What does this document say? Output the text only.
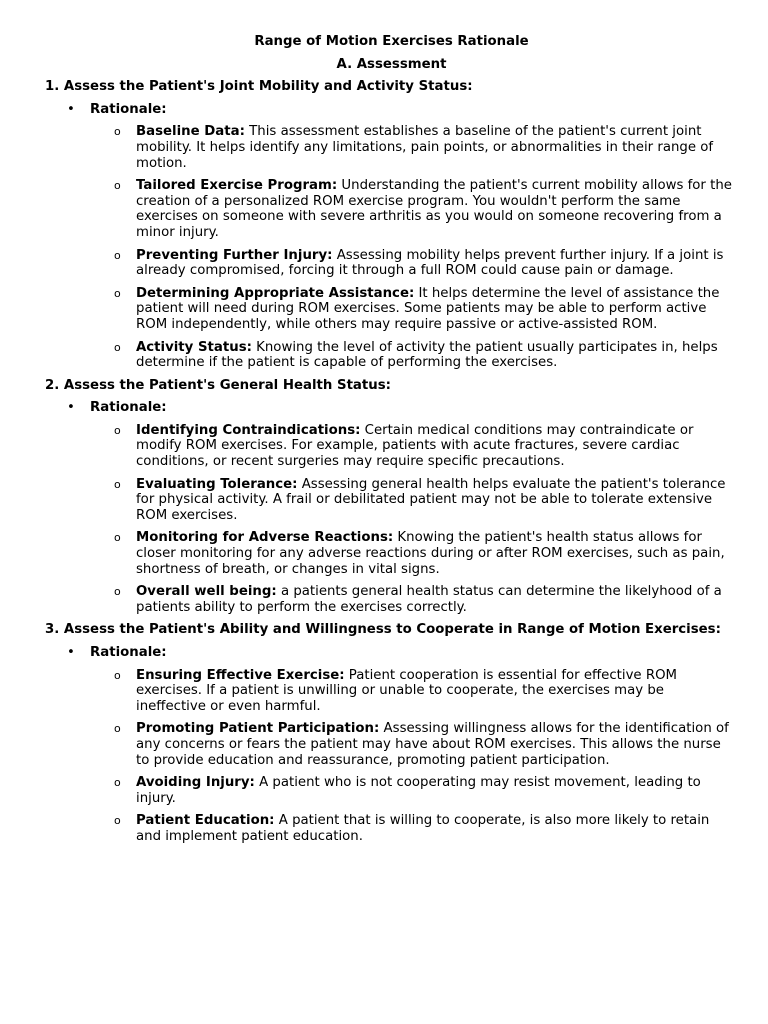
Range of Motion Exercises Rationale
A. Assessment
1. Assess the Patient's Joint Mobility and Activity Status:
• Rationale:
o Baseline Data: This assessment establishes a baseline of the patient's current joint mobility. It helps identify any limitations, pain points, or abnormalities in their range of motion.
o Tailored Exercise Program: Understanding the patient's current mobility allows for the creation of a personalized ROM exercise program. You wouldn't perform the same exercises on someone with severe arthritis as you would on someone recovering from a minor injury.
o Preventing Further Injury: Assessing mobility helps prevent further injury. If a joint is already compromised, forcing it through a full ROM could cause pain or damage.
o Determining Appropriate Assistance: It helps determine the level of assistance the patient will need during ROM exercises. Some patients may be able to perform active ROM independently, while others may require passive or active-assisted ROM.
o Activity Status: Knowing the level of activity the patient usually participates in, helps determine if the patient is capable of performing the exercises.
2. Assess the Patient's General Health Status:
• Rationale:
o Identifying Contraindications: Certain medical conditions may contraindicate or modify ROM exercises. For example, patients with acute fractures, severe cardiac conditions, or recent surgeries may require specific precautions.
o Evaluating Tolerance: Assessing general health helps evaluate the patient's tolerance for physical activity. A frail or debilitated patient may not be able to tolerate extensive ROM exercises.
o Monitoring for Adverse Reactions: Knowing the patient's health status allows for closer monitoring for any adverse reactions during or after ROM exercises, such as pain, shortness of breath, or changes in vital signs.
o Overall well being: a patients general health status can determine the likelyhood of a patients ability to perform the exercises correctly.
3. Assess the Patient's Ability and Willingness to Cooperate in Range of Motion Exercises:
• Rationale:
o Ensuring Effective Exercise: Patient cooperation is essential for effective ROM exercises. If a patient is unwilling or unable to cooperate, the exercises may be ineffective or even harmful.
o Promoting Patient Participation: Assessing willingness allows for the identification of any concerns or fears the patient may have about ROM exercises. This allows the nurse to provide education and reassurance, promoting patient participation.
o Avoiding Injury: A patient who is not cooperating may resist movement, leading to injury.
o Patient Education: A patient that is willing to cooperate, is also more likely to retain and implement patient education.
